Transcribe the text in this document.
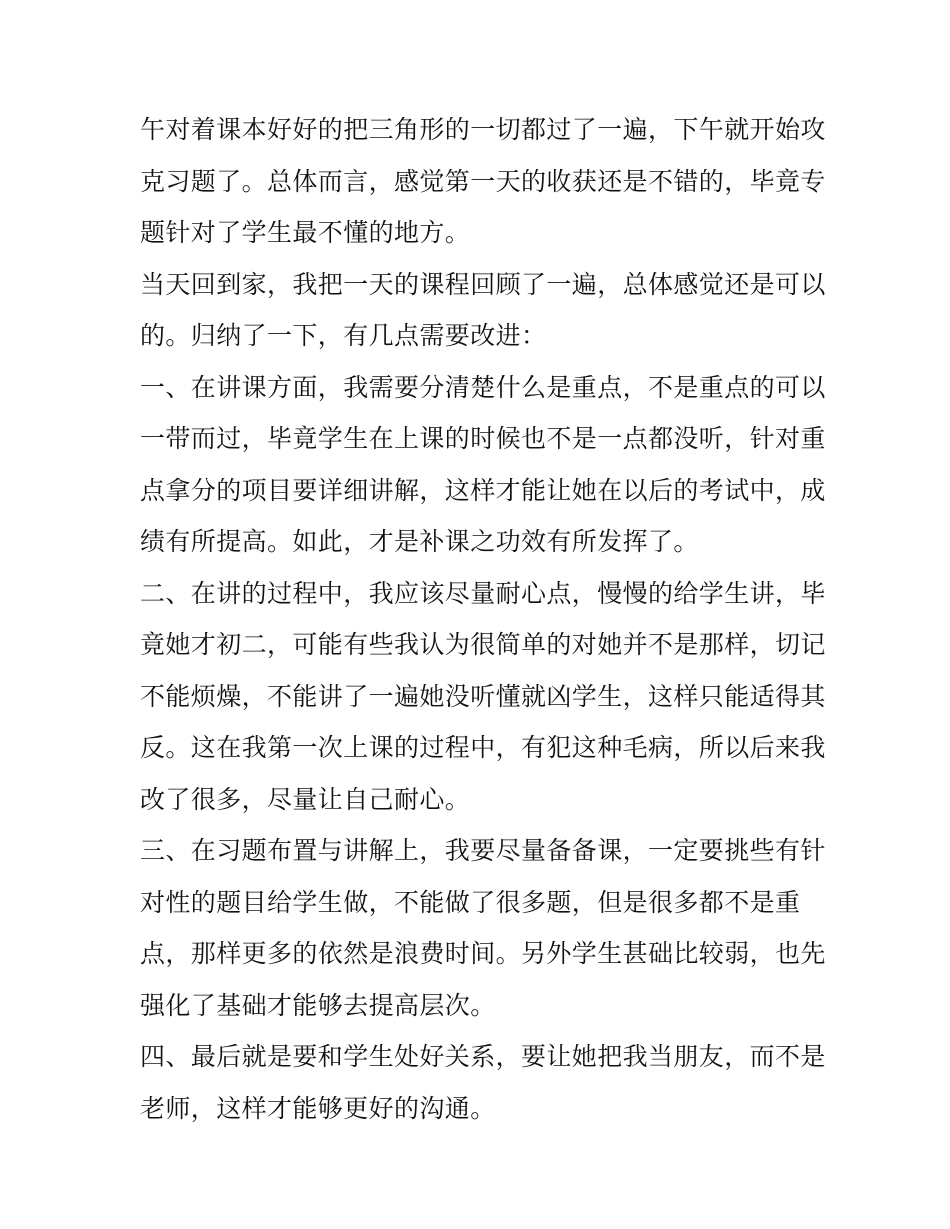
午对着课本好好的把三角形的一切都过了一遍，下午就开始攻
克习题了。总体而言，感觉第一天的收获还是不错的，毕竟专
题针对了学生最不懂的地方。
当天回到家，我把一天的课程回顾了一遍，总体感觉还是可以
的。归纳了一下，有几点需要改进：
一、在讲课方面，我需要分清楚什么是重点，不是重点的可以
一带而过，毕竟学生在上课的时候也不是一点都没听，针对重
点拿分的项目要详细讲解，这样才能让她在以后的考试中，成
绩有所提高。如此，才是补课之功效有所发挥了。
二、在讲的过程中，我应该尽量耐心点，慢慢的给学生讲，毕
竟她才初二，可能有些我认为很简单的对她并不是那样，切记
不能烦燥，不能讲了一遍她没听懂就凶学生，这样只能适得其
反。这在我第一次上课的过程中，有犯这种毛病，所以后来我
改了很多，尽量让自己耐心。
三、在习题布置与讲解上，我要尽量备备课，一定要挑些有针
对性的题目给学生做，不能做了很多题，但是很多都不是重
点，那样更多的依然是浪费时间。另外学生甚础比较弱，也先
强化了基础才能够去提高层次。
四、最后就是要和学生处好关系，要让她把我当朋友，而不是
老师，这样才能够更好的沟通。
